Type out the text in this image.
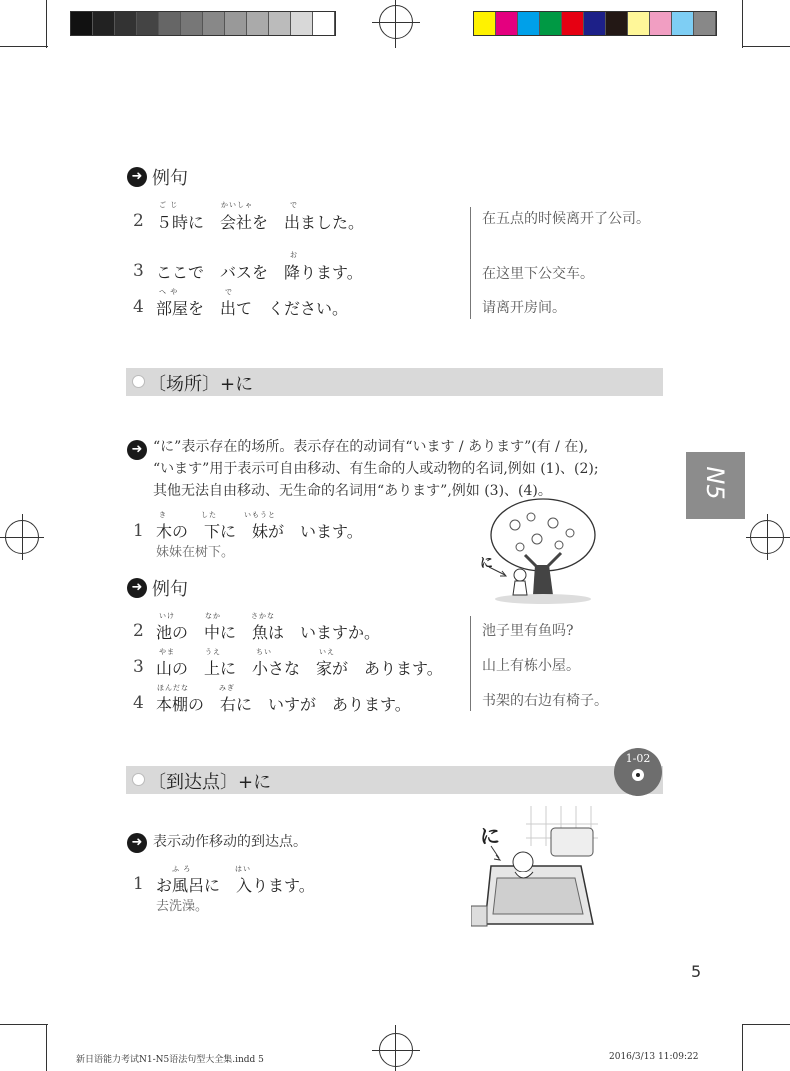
➜ 例句
2
ご じ	かいしゃ	で
５時に　会社を　出ました。	在五点的时候离开了公司。
3
お
ここで　バスを　降ります。	在这里下公交车。
4
へ や	で
部屋を　出て　ください。	请离开房间。
〔场所〕+に
➜ “に”表示存在的场所。表示存在的动词有“います / あります”(有 / 在),
“います”用于表示可自由移动、有生命的人或动物的名词,例如 (1)、(2);
其他无法自由移动、无生命的名词用“あります”,例如 (3)、(4)。
1
き	した	いもうと
木の　下に　妹が　います。
妹妹在树下。
に
➜ 例句
2
いけ	なか	さかな
池の　中に　魚は　いますか。	池子里有鱼吗?
3
やま	うえ	ちい	いえ
山の　上に　小さな　家が　あります。	山上有栋小屋。
4
ほんだな	みぎ
本棚の　右に　いすが　あります。	书架的右边有椅子。
〔到达点〕+に
1-02
➜ 表示动作移动的到达点。
1
ふ ろ	はい
お風呂に　入ります。
去洗澡。
に
N5
5
新日语能力考试N1-N5语法句型大全集.indd 5	2016/3/13 11:09:22
